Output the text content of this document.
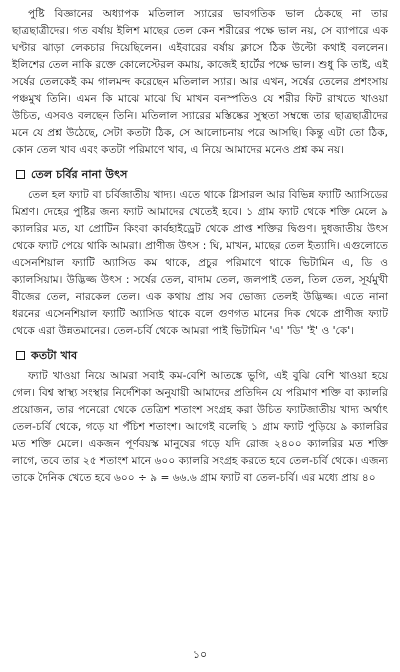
পুষ্টি বিজ্ঞানের অধ্যাপক মতিলাল স্যারের ভাবগতিক ভাল ঠেকছে না তার ছাত্রছাত্রীদের। গত বর্ষায় ইলিশ মাছের তেল কেন শরীরের পক্ষে ভাল নয়, সে ব্যাপারে এক ঘণ্টার ঝাড়া লেকচার দিয়েছিলেন। এইবারের বর্ষায় ক্লাসে ঠিক উল্টো কথাই বললেন। ইলিশের তেল নাকি রক্তে কোলেস্টেরল কমায়, কাজেই হার্টের পক্ষে ভাল। শুধু কি তাই, এই সর্ষের তেলকেই কম গালমন্দ করেছেন মতিলাল স্যার। আর এখন, সর্ষের তেলের প্রশংসায় পঞ্চমুখ তিনি। এমন কি মাঝে মাঝে ঘি মাখন বনস্পতিও যে শরীর ফিট রাখতে খাওয়া উচিত, এসবও বলছেন তিনি। মতিলাল স্যারের মস্তিষ্কের সুস্থতা সম্বন্ধে তার ছাত্রছাত্রীদের মনে যে প্রশ্ন উঠেছে, সেটা কতটা ঠিক, সে আলোচনায় পরে আসছি। কিন্তু এটা তো ঠিক, কোন তেল খাব এবং কতটা পরিমাণে খাব, এ নিয়ে আমাদের মনেও প্রশ্ন কম নয়।

তেল চর্বির নানা উৎস

তেল হল ফ্যাট বা চর্বিজাতীয় খাদ্য। এতে থাকে গ্লিসারল আর বিভিন্ন ফ্যাটি অ্যাসিডের মিশ্রণ। দেহের পুষ্টির জন্য ফ্যাট আমাদের খেতেই হবে। ১ গ্রাম ফ্যাট থেকে শক্তি মেলে ৯ ক্যালরির মত, যা প্রোটিন কিংবা কার্বহাইড্রেট থেকে প্রাপ্ত শক্তির দ্বিগুণ। দুধজাতীয় উৎস থেকে ফ্যাট পেয়ে থাকি আমরা। প্রাণীজ উৎস : ঘি, মাখন, মাছের তেল ইত্যাদি। এগুলোতে এসেনশিয়াল ফ্যাটি অ্যাসিড কম থাকে, প্রচুর পরিমাণে থাকে ভিটামিন এ, ডি ও ক্যালসিয়াম। উদ্ভিজ্জ উৎস : সর্ষের তেল, বাদাম তেল, জলপাই তেল, তিল তেল, সূর্যমুখী বীজের তেল, নারকেল তেল। এক কথায় প্রায় সব ভোজ্য তেলই উদ্ভিজ্জ। এতে নানা ধরনের এসেনশিয়াল ফ্যাটি অ্যাসিড থাকে বলে গুণগত মানের দিক থেকে প্রাণীজ ফ্যাট থেকে এরা উন্নতমানের। তেল-চর্বি থেকে আমরা পাই ভিটামিন 'এ' 'ডি' 'ই' ও 'কে'।

কতটা খাব

ফ্যাট খাওয়া নিয়ে আমরা সবাই কম-বেশি আতঙ্কে ভুগি, এই বুঝি বেশি খাওয়া হয়ে গেল। বিশ্ব স্বাস্থ্য সংস্থার নির্দেশিকা অনুযায়ী আমাদের প্রতিদিন যে পরিমাণ শক্তি বা ক্যালরি প্রয়োজন, তার পনেরো থেকে তেত্রিশ শতাংশ সংগ্রহ করা উচিত ফ্যাটজাতীয় খাদ্য অর্থাৎ তেল-চর্বি থেকে, গড়ে যা পঁচিশ শতাংশ। আগেই বলেছি ১ গ্রাম ফ্যাট পুড়িয়ে ৯ ক্যালরির মত শক্তি মেলে। একজন পূর্ণবয়স্ক মানুষের গড়ে যদি রোজ ২৪০০ ক্যালরির মত শক্তি লাগে, তবে তার ২৫ শতাংশ মানে ৬০০ ক্যালরি সংগ্রহ করতে হবে তেল-চর্বি থেকে। এজন্য তাকে দৈনিক খেতে হবে ৬০০ ÷ ৯ = ৬৬.৬ গ্রাম ফ্যাট বা তেল-চর্বি। এর মধ্যে প্রায় ৪০

১০
